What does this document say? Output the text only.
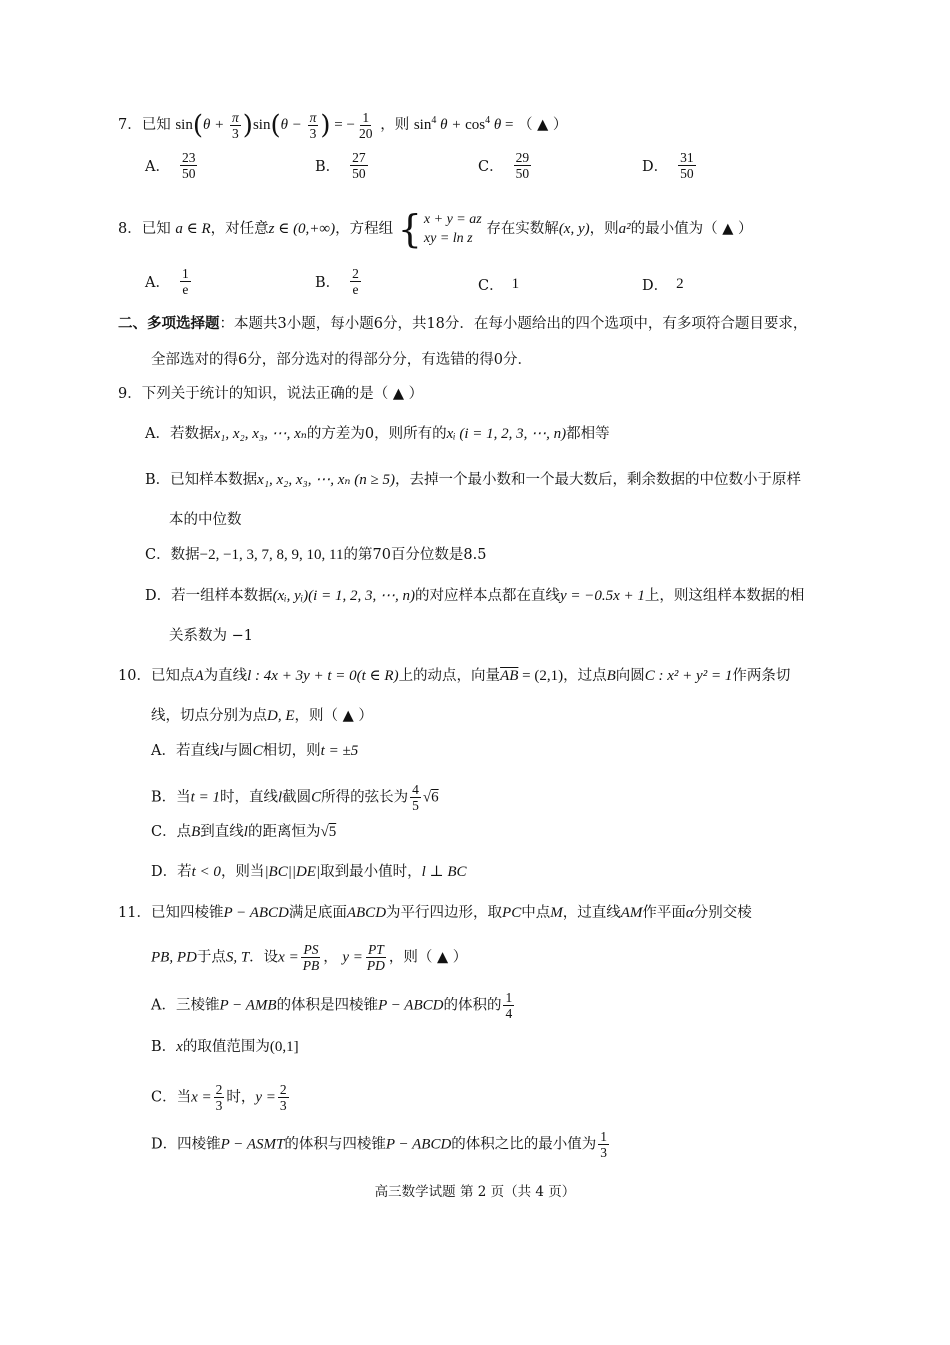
7．已知 $\sin(\theta + \frac{\pi}{3} )\sin(\theta - \frac{\pi}{3}$ ) = − $\frac{1}{20}$ ，则 $\sin^4 \theta + \cos^4 \theta$ = （ ▲ ）
A． $\frac{23}{50}$	B． $\frac{27}{50}$	C． $\frac{29}{50}$	D． $\frac{31}{50}$
8．已知 a ∈ R，对任意z ∈ (0,+∞)，方程组 { x + y = az
xy = ln z
存在实数解(x, y)，则a²的最小值为（ ▲ ）
A． $\frac{1}{e}$	B． $\frac{2}{e}$	C． 1	D． 2
二、多项选择题：本题共3小题，每小题6分，共18分．在每小题给出的四个选项中，有多项符合题目要求，
全部选对的得6分，部分选对的得部分分，有选错的得0分．
9．下列关于统计的知识，说法正确的是（ ▲ ）
A．若数据x₁, x₂, x₃, ⋯, xₙ的方差为0，则所有的xᵢ (i = 1, 2, 3, ⋯, n)都相等
B．已知样本数据x₁, x₂, x₃, ⋯, xₙ (n ≥ 5)，去掉一个最小数和一个最大数后，剩余数据的中位数小于原样
本的中位数
C．数据−2, −1, 3, 7, 8, 9, 10, 11的第70百分位数是8.5
D．若一组样本数据(xᵢ, yᵢ)(i = 1, 2, 3, ⋯, n)的对应样本点都在直线y = −0.5x + 1上，则这组样本数据的相
关系数为 −1
10．已知点A为直线l : 4x + 3y + t = 0(t ∈ R)上的动点，向量$\overline{AB} = (2,1)$，过点B向圆C : x² + y² = 1作两条切
线，切点分别为点D, E，则（ ▲ ）
A．若直线l与圆C相切，则t = ±5
B．当t = 1时，直线l截圆C所得的弦长为 $\frac{4}{5} √6$
C．点B到直线l的距离恒为√5
D．若t < 0，则当|BC||DE|取到最小值时，l ⊥ BC
11．已知四棱锥P − ABCD满足底面ABCD为平行四边形，取PC中点M，过直线AM作平面α分别交棱
PB, PD于点S, T．设$x = \frac{PS}{PB}$ ， $y = \frac{PT}{PD}$ ，则（ ▲ ）
A．三棱锥P − AMB的体积是四棱锥P − ABCD的体积的 $\frac{1}{4}$
B．x的取值范围为(0,1]
C．当$x = \frac{2}{3}$ 时，$y = \frac{2}{3}$
D．四棱锥P − ASMT的体积与四棱锥P − ABCD的体积之比的最小值为 $\frac{1}{3}$
高三数学试题 第 2 页（共 4 页）
